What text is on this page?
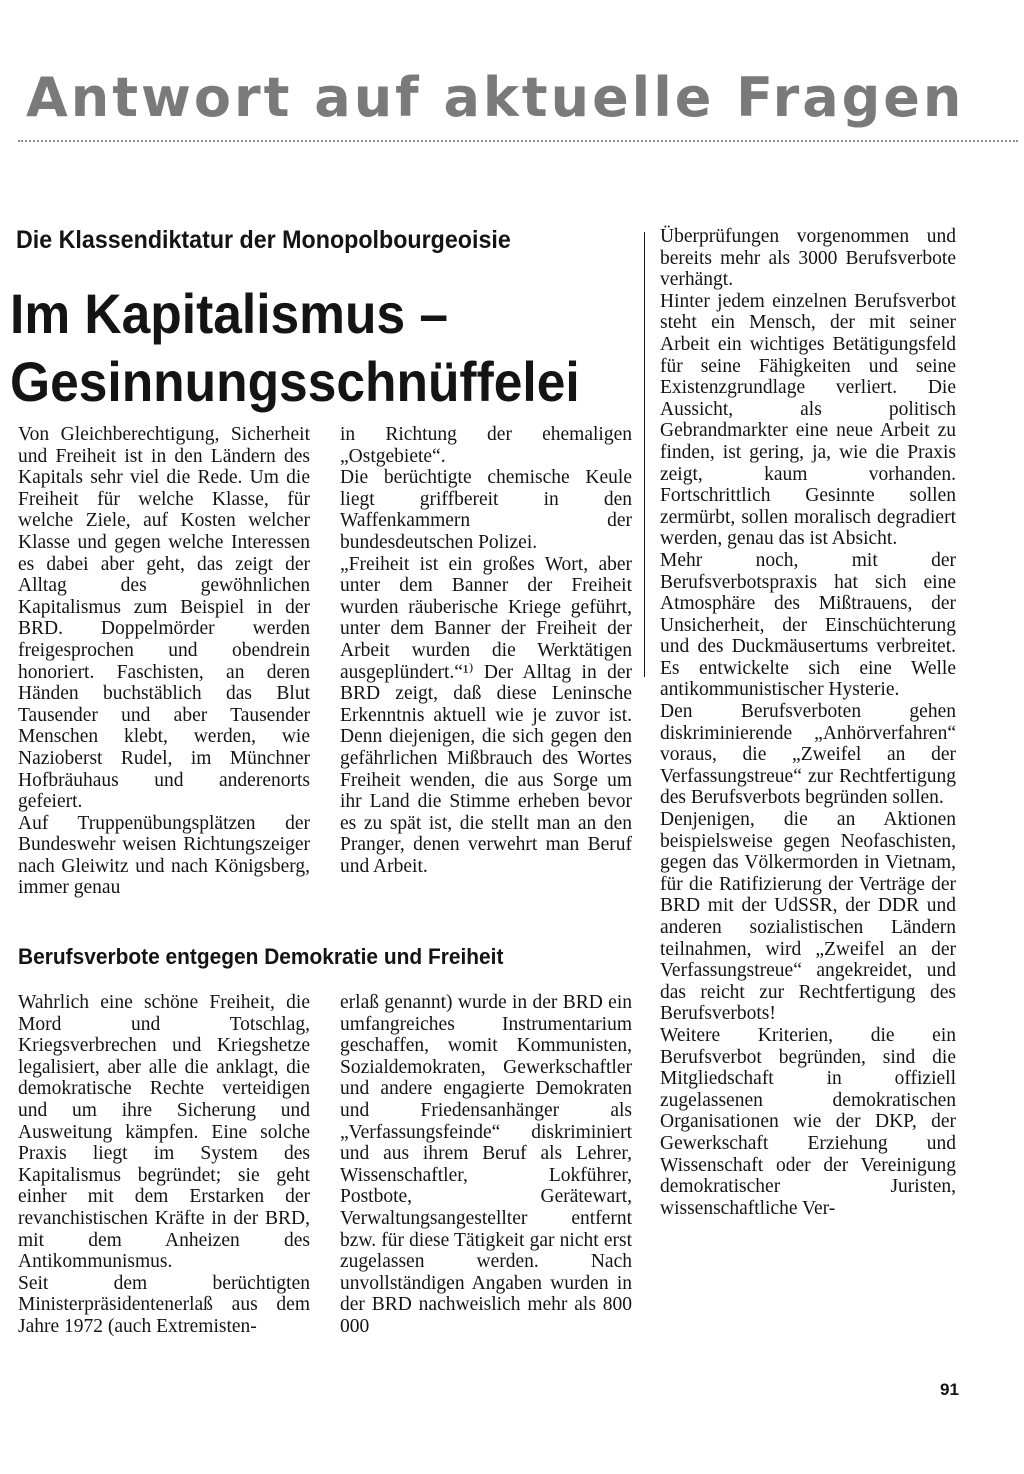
Antwort auf aktuelle Fragen
Die Klassendiktatur der Monopolbourgeoisie
Im Kapitalismus –
Gesinnungsschnüffelei

Von Gleichberechtigung, Sicherheit und Freiheit ist in den Ländern des Kapitals sehr viel die Rede. Um die Freiheit für welche Klasse, für welche Ziele, auf Kosten welcher Klasse und gegen welche Interessen es dabei aber geht, das zeigt der Alltag des gewöhnlichen Kapitalismus zum Beispiel in der BRD. Doppelmörder werden freigesprochen und obendrein honoriert. Faschisten, an deren Händen buchstäblich das Blut Tausender und aber Tausender Menschen klebt, werden, wie Nazioberst Rudel, im Münchner Hofbräuhaus und anderenorts gefeiert.

Auf Truppenübungsplätzen der Bundeswehr weisen Richtungszeiger nach Gleiwitz und nach Königsberg, immer genau

in Richtung der ehemaligen „Ostgebiete“.

Die berüchtigte chemische Keule liegt griffbereit in den Waffenkammern der bundesdeutschen Polizei.

„Freiheit ist ein großes Wort, aber unter dem Banner der Freiheit wurden räuberische Kriege geführt, unter dem Banner der Freiheit der Arbeit wurden die Werktätigen ausgeplündert.“¹⁾ Der Alltag in der BRD zeigt, daß diese Leninsche Erkenntnis aktuell wie je zuvor ist. Denn diejenigen, die sich gegen den gefährlichen Mißbrauch des Wortes Freiheit wenden, die aus Sorge um ihr Land die Stimme erheben bevor es zu spät ist, die stellt man an den Pranger, denen verwehrt man Beruf und Arbeit.

Berufsverbote entgegen Demokratie und Freiheit

Wahrlich eine schöne Freiheit, die Mord und Totschlag, Kriegsverbrechen und Kriegshetze legalisiert, aber alle die anklagt, die demokratische Rechte verteidigen und um ihre Sicherung und Ausweitung kämpfen. Eine solche Praxis liegt im System des Kapitalismus begründet; sie geht einher mit dem Erstarken der revanchistischen Kräfte in der BRD, mit dem Anheizen des Antikommunismus.

Seit dem berüchtigten Ministerpräsidentenerlaß aus dem Jahre 1972 (auch Extremisten-

erlaß genannt) wurde in der BRD ein umfangreiches Instrumentarium geschaffen, womit Kommunisten, Sozialdemokraten, Gewerkschaftler und andere engagierte Demokraten und Friedensanhänger als „Verfassungsfeinde“ diskriminiert und aus ihrem Beruf als Lehrer, Wissenschaftler, Lokführer, Postbote, Gerätewart, Verwaltungsangestellter entfernt bzw. für diese Tätigkeit gar nicht erst zugelassen werden. Nach unvollständigen Angaben wurden in der BRD nachweislich mehr als 800 000

Überprüfungen vorgenommen und bereits mehr als 3000 Berufsverbote verhängt.

Hinter jedem einzelnen Berufsverbot steht ein Mensch, der mit seiner Arbeit ein wichtiges Betätigungsfeld für seine Fähigkeiten und seine Existenzgrundlage verliert. Die Aussicht, als politisch Gebrandmarkter eine neue Arbeit zu finden, ist gering, ja, wie die Praxis zeigt, kaum vorhanden. Fortschrittlich Gesinnte sollen zermürbt, sollen moralisch degradiert werden, genau das ist Absicht.

Mehr noch, mit der Berufsverbotspraxis hat sich eine Atmosphäre des Mißtrauens, der Unsicherheit, der Einschüchterung und des Duckmäusertums verbreitet. Es entwickelte sich eine Welle antikommunistischer Hysterie.

Den Berufsverboten gehen diskriminierende „Anhörverfahren“ voraus, die „Zweifel an der Verfassungstreue“ zur Rechtfertigung des Berufsverbots begründen sollen.

Denjenigen, die an Aktionen beispielsweise gegen Neofaschisten, gegen das Völkermorden in Vietnam, für die Ratifizierung der Verträge der BRD mit der UdSSR, der DDR und anderen sozialistischen Ländern teilnahmen, wird „Zweifel an der Verfassungstreue“ angekreidet, und das reicht zur Rechtfertigung des Berufsverbots!

Weitere Kriterien, die ein Berufsverbot begründen, sind die Mitgliedschaft in offiziell zugelassenen demokratischen Organisationen wie der DKP, der Gewerkschaft Erziehung und Wissenschaft oder der Vereinigung demokratischer Juristen, wissenschaftliche Ver-

91
